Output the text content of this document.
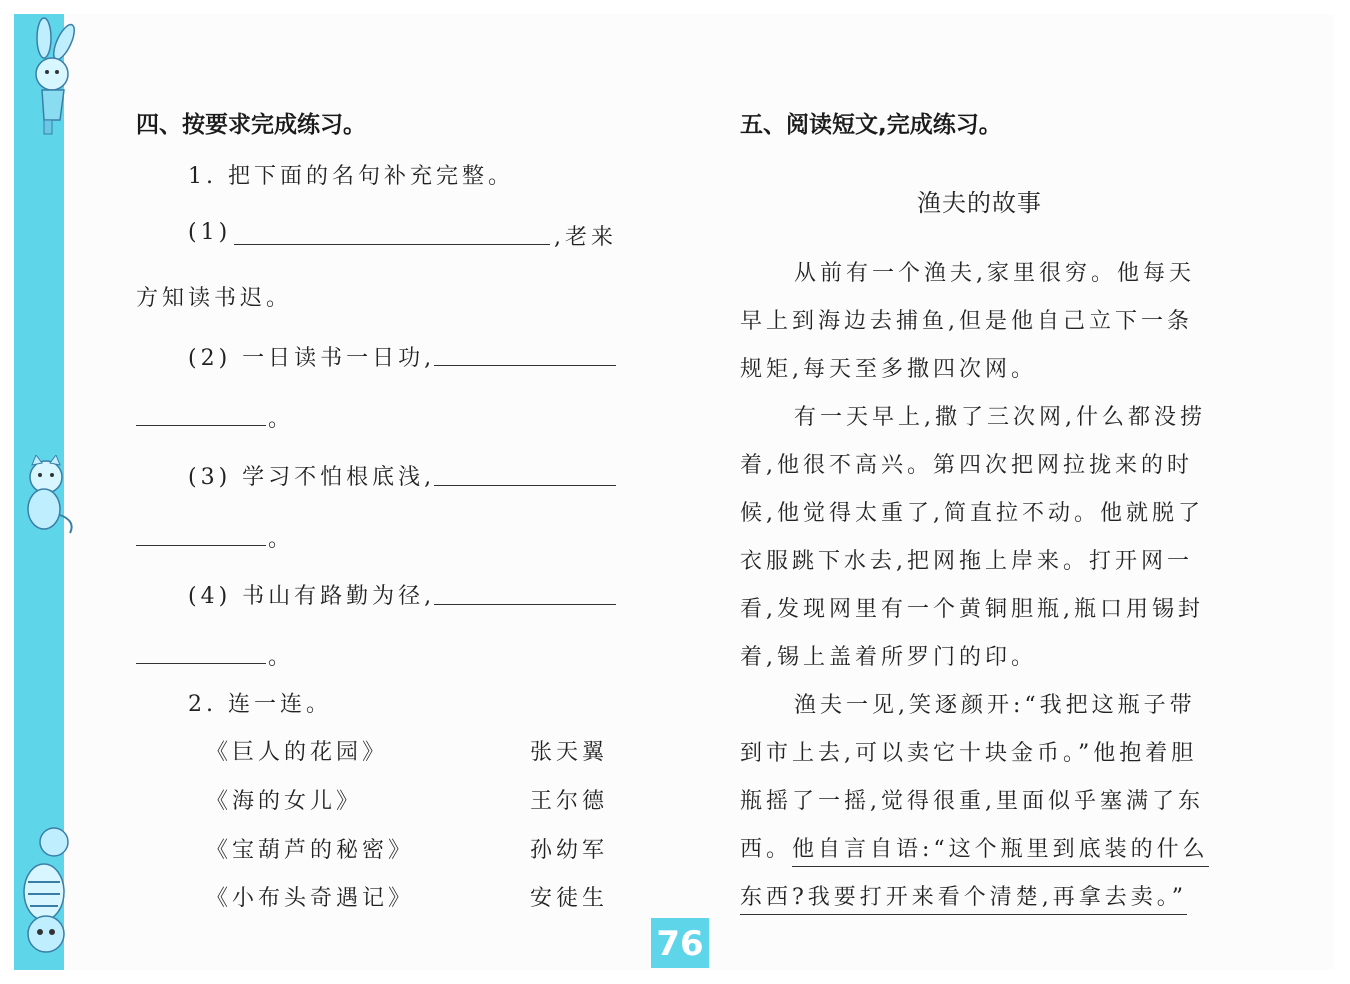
四、按要求完成练习。
1. 把下面的名句补充完整。
(1)	,老来
方知读书迟。
(2) 一日读书一日功,
。
(3) 学习不怕根底浅,
。
(4) 书山有路勤为径,
。
2. 连一连。
《巨人的花园》	张天翼
《海的女儿》	王尔德
《宝葫芦的秘密》	孙幼军
《小布头奇遇记》	安徒生
五、阅读短文,完成练习。
渔夫的故事
从前有一个渔夫,家里很穷。他每天
早上到海边去捕鱼,但是他自己立下一条
规矩,每天至多撒四次网。
有一天早上,撒了三次网,什么都没捞
着,他很不高兴。第四次把网拉拢来的时
候,他觉得太重了,简直拉不动。他就脱了
衣服跳下水去,把网拖上岸来。打开网一
看,发现网里有一个黄铜胆瓶,瓶口用锡封
着,锡上盖着所罗门的印。
渔夫一见,笑逐颜开:“我把这瓶子带
到市上去,可以卖它十块金币。”他抱着胆
瓶摇了一摇,觉得很重,里面似乎塞满了东
西。他自言自语:“这个瓶里到底装的什么
东西?我要打开来看个清楚,再拿去卖。”
76
